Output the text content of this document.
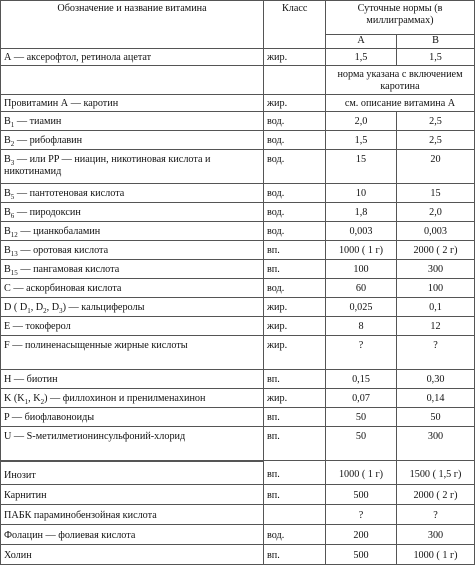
Обозначение и название витамина	Класс	Суточные нормы (в миллиграммах)	
		А	В
А — аксерофтол, ретинола ацетат	жир.	1,5	1,5
		норма указана с включением каротина	
Провитамин А — каротин	жир.	см. описание витамина А	
$B_1$ — тиамин	вод.	2,0	2,5
$B_2$ — рибофлавин	вод.	1,5	2,5
$B_3$ — или PP — ниацин, никотиновая кислота и никотинамид	вод.	15	20
$B_5$ — пантотеновая кислота	вод.	10	15
$B_6$ — пиродоксин	вод.	1,8	2,0
$B_{12}$ — цианкобаламин	вод.	0,003	0,003
$B_{13}$ — оротовая кислота	вп.	1000 ( 1 г)	2000 ( 2 г)
$B_{15}$ — пангамовая кислота	вп.	100	300
C — аскорбиновая кислота	вод.	60	100
D ( $D_1$, $D_2$, $D_3$) — кальциферолы	жир.	0,025	0,1
E — токоферол	жир.	8	12
F — полиненасыщенные жирные кислоты	жир.	?	?
H — биотин	вп.	0,15	0,30
K ($K_1$, $K_2$) — филлохинон и пренилменахинон	жир.	0,07	0,14
P — биофлавоноиды	вп.	50	50
U — S-метилметионинсульфоний-хлорид	вп.	50	300
Инозит	вп.	1000 ( 1 г)	1500 ( 1,5 г)
Карнитин	вп.	500	2000 ( 2 г)
ПАБК параминобензойная кислота		?	?
Фолацин — фолиевая кислота	вод.	200	300
Холин	вп.	500	1000 ( 1 г)
